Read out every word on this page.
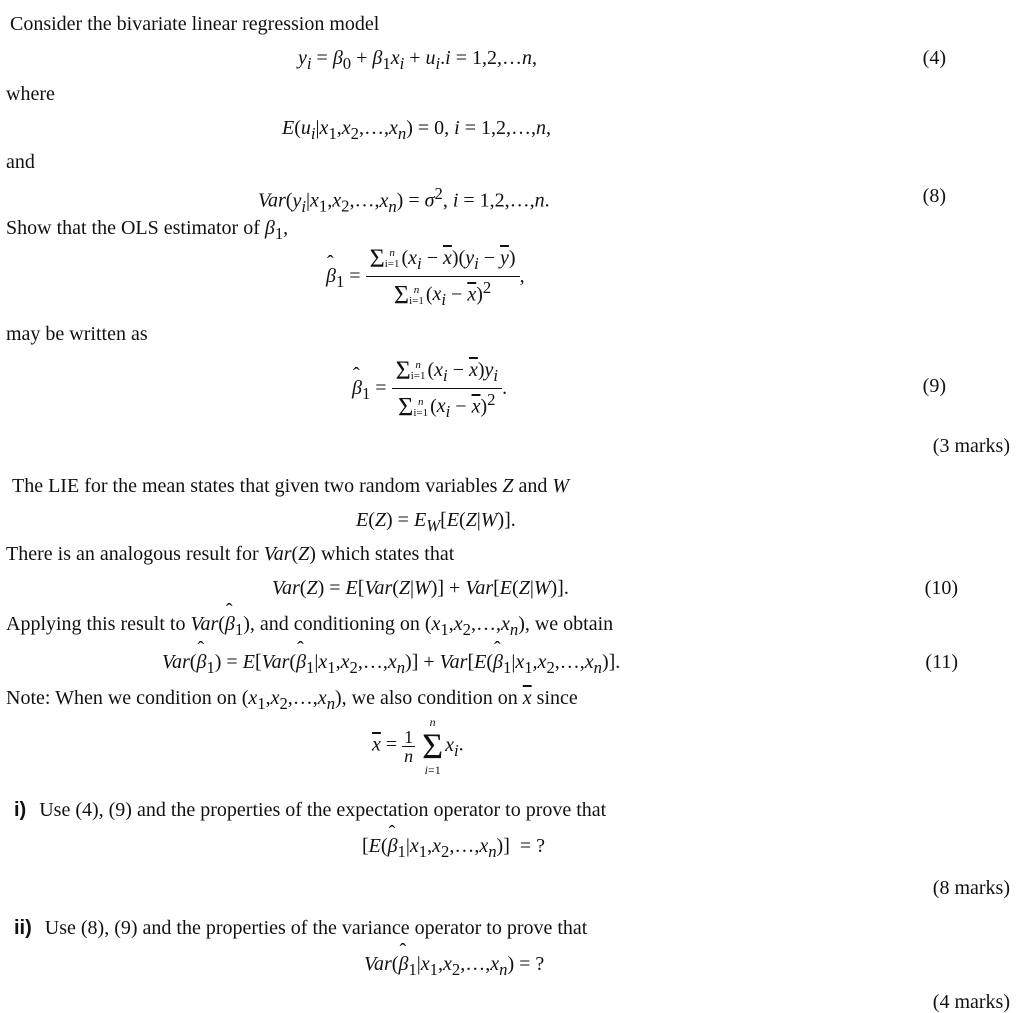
Consider the bivariate linear regression model
$y_i = \beta_0 + \beta_1x_i + u_i.i$ = 1,2,…n,	(4)
where
$E(u_i|x_1,x_2,\dots,x_n) = 0$, i = 1,2,…,n,
and
$Var(y_i|x_1,x_2,\dots,x_n) = \sigma^2$, i = 1,2,…,n.	(8)
Show that the OLS estimator of $\beta_1$,
ˆ $\beta_1 = \Sigma$ n
i=1 $(x_i - \overline{x})(y_i - \overline{y})$
Σ n
i=1 $(x_i - \overline{x})^2$ ,
may be written as
ˆ $\beta_1 = \Sigma$ n
i=1 $(x_i - \overline{x})y_i$
Σ n
i=1 $(x_i - \overline{x})^2$ .	(9)
(3 marks)
The LIE for the mean states that given two random variables Z and W
$E(Z) = E_W[E(Z|W)]$.
There is an analogous result for Var(Z) which states that
Var(Z) = E[Var(Z|W)] + Var[E(Z|W)].	(10)
Applying this result to Var(ˆ $\beta_1$), and conditioning on $(x_1,x_2,\dots,x_n)$, we obtain
Var(ˆ $\beta_1$) = E[Var(ˆ $\beta_1|x_1,x_2,\dots,x_n$)] + Var[E(ˆ $\beta_1|x_1,x_2,\dots,x_n$)].	(11)
Note: When we condition on $(x_1,x_2,\dots,x_n)$, we also condition on $\overline{x}$ since
$\overline{x} = \frac{1}{n}$

n
Σ
i=1
$x_i$.
i) Use (4), (9) and the properties of the expectation operator to prove that
[E(ˆ $\beta_1|x_1,x_2,\dots,x_n$)]  = ?
(8 marks)
ii) Use (8), (9) and the properties of the variance operator to prove that
Var(ˆ $\beta_1|x_1,x_2,\dots,x_n$) = ?
(4 marks)
